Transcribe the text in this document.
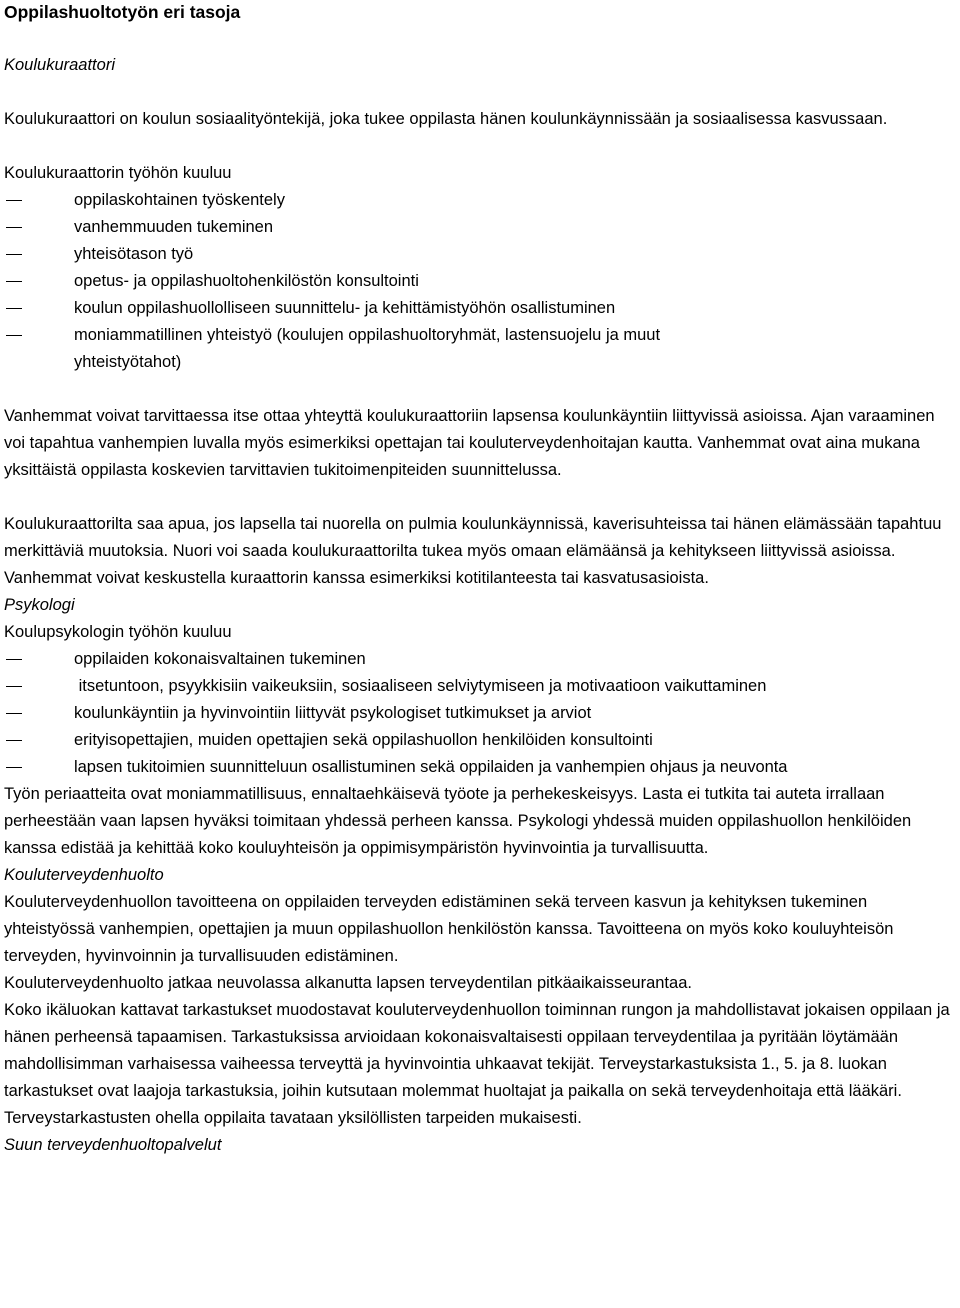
Oppilashuoltotyön eri tasoja

Koulukuraattori

Koulukuraattori on koulun sosiaalityöntekijä, joka tukee oppilasta hänen koulunkäynnissään ja sosiaalisessa kasvussaan.

Koulukuraattorin työhön kuuluu

oppilaskohtainen työskentely
vanhemmuuden tukeminen
yhteisötason työ
opetus- ja oppilashuoltohenkilöstön konsultointi
koulun oppilashuollolliseen suunnittelu- ja kehittämistyöhön osallistuminen
moniammatillinen yhteistyö (koulujen oppilashuoltoryhmät, lastensuojelu ja muut yhteistyötahot)

Vanhemmat voivat tarvittaessa itse ottaa yhteyttä koulukuraattoriin lapsensa koulunkäyntiin liittyvissä asioissa. Ajan varaaminen voi tapahtua vanhempien luvalla myös esimerkiksi opettajan tai kouluterveydenhoitajan kautta. Vanhemmat ovat aina mukana yksittäistä oppilasta koskevien tarvittavien tukitoimenpiteiden suunnittelussa.

Koulukuraattorilta saa apua, jos lapsella tai nuorella on pulmia koulunkäynnissä, kaverisuhteissa tai hänen elämässään tapahtuu merkittäviä muutoksia. Nuori voi saada koulukuraattorilta tukea myös omaan elämäänsä ja kehitykseen liittyvissä asioissa. Vanhemmat voivat keskustella kuraattorin kanssa esimerkiksi kotitilanteesta tai kasvatusasioista.

Psykologi

Koulupsykologin työhön kuuluu

oppilaiden kokonaisvaltainen tukeminen
itsetuntoon, psyykkisiin vaikeuksiin, sosiaaliseen selviytymiseen ja motivaatioon vaikuttaminen
koulunkäyntiin ja hyvinvointiin liittyvät psykologiset tutkimukset ja arviot
erityisopettajien, muiden opettajien sekä oppilashuollon henkilöiden konsultointi
lapsen tukitoimien suunnitteluun osallistuminen sekä oppilaiden ja vanhempien ohjaus ja neuvonta

Työn periaatteita ovat moniammatillisuus, ennaltaehkäisevä työote ja perhekeskeisyys. Lasta ei tutkita tai auteta irrallaan perheestään vaan lapsen hyväksi toimitaan yhdessä perheen kanssa. Psykologi yhdessä muiden oppilashuollon henkilöiden kanssa edistää ja kehittää koko kouluyhteisön ja oppimisympäristön hyvinvointia ja turvallisuutta.

Kouluterveydenhuolto

Kouluterveydenhuollon tavoitteena on oppilaiden terveyden edistäminen sekä terveen kasvun ja kehityksen tukeminen yhteistyössä vanhempien, opettajien ja muun oppilashuollon henkilöstön kanssa. Tavoitteena on myös koko kouluyhteisön terveyden, hyvinvoinnin ja turvallisuuden edistäminen.

Kouluterveydenhuolto jatkaa neuvolassa alkanutta lapsen terveydentilan pitkäaikaisseurantaa.

Koko ikäluokan kattavat tarkastukset muodostavat kouluterveydenhuollon toiminnan rungon ja mahdollistavat jokaisen oppilaan ja hänen perheensä tapaamisen. Tarkastuksissa arvioidaan kokonaisvaltaisesti oppilaan terveydentilaa ja pyritään löytämään mahdollisimman varhaisessa vaiheessa terveyttä ja hyvinvointia uhkaavat tekijät. Terveystarkastuksista 1., 5. ja 8. luokan tarkastukset ovat laajoja tarkastuksia, joihin kutsutaan molemmat huoltajat ja paikalla on sekä terveydenhoitaja että lääkäri.

Terveystarkastusten ohella oppilaita tavataan yksilöllisten tarpeiden mukaisesti.

Suun terveydenhuoltopalvelut
